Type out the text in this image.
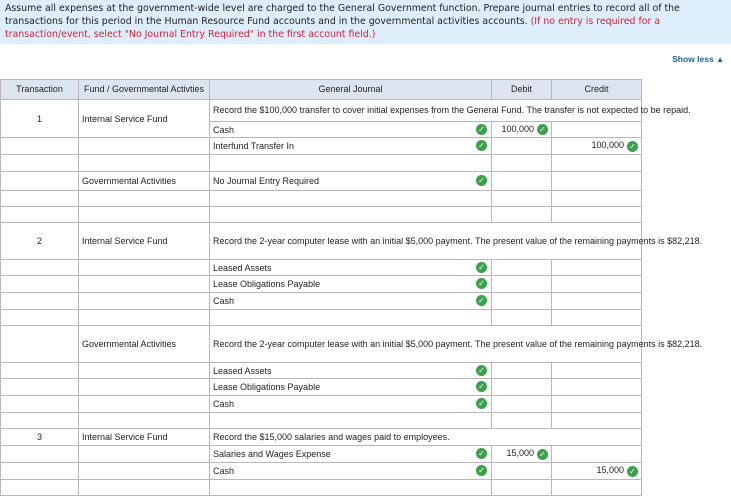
Assume all expenses at the government-wide level are charged to the General Government function. Prepare journal entries to record all of the transactions for this period in the Human Resource Fund accounts and in the governmental activities accounts. (If no entry is required for a transaction/event, select "No Journal Entry Required" in the first account field.)
Show less ▲
Transaction	Fund / Governmental Activties	General Journal	Debit	Credit
1	Internal Service Fund	Record the $100,000 transfer to cover initial expenses from the General Fund. The transfer is not expected to be repaid.		
		Cash ✓	100,000 ✓	
		Interfund Transfer In ✓		100,000 ✓

	Governmental Activities	No Journal Entry Required ✓		

2	Internal Service Fund	Record the 2-year computer lease with an initial $5,000 payment. The present value of the remaining payments is $82,218.		
		Leased Assets ✓		

		Lease Obligations Payable ✓		

		Cash ✓		

	Governmental Activities	Record the 2-year computer lease with an initial $5,000 payment. The present value of the remaining payments is $82,218.		
		Leased Assets ✓		

		Lease Obligations Payable ✓		

		Cash ✓		

3	Internal Service Fund	Record the $15,000 salaries and wages paid to employees.		
		Salaries and Wages Expense ✓	15,000 ✓	
		Cash ✓		15,000 ✓
